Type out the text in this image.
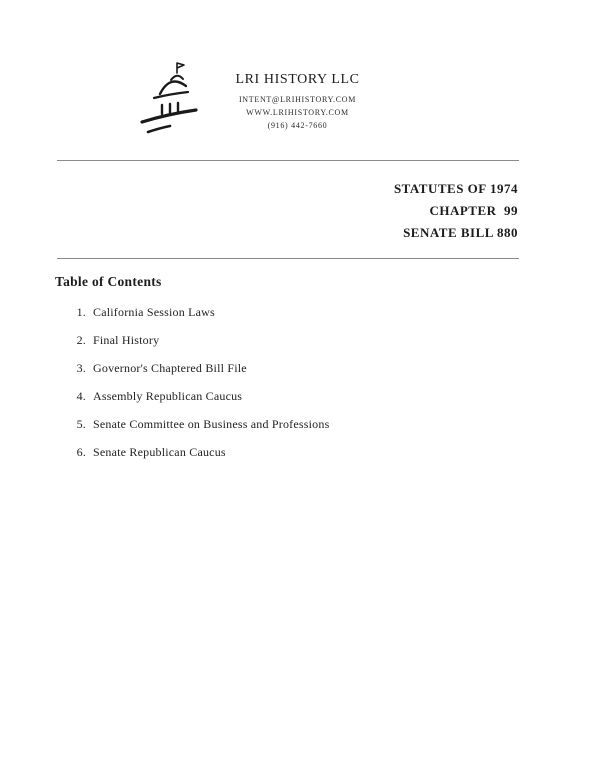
LRI HISTORY LLC
INTENT@LRIHISTORY.COM
WWW.LRIHISTORY.COM
(916) 442-7660
STATUTES OF 1974
CHAPTER  99
SENATE BILL 880
Table of Contents
1. California Session Laws
2. Final History
3. Governor's Chaptered Bill File
4. Assembly Republican Caucus
5. Senate Committee on Business and Professions
6. Senate Republican Caucus
